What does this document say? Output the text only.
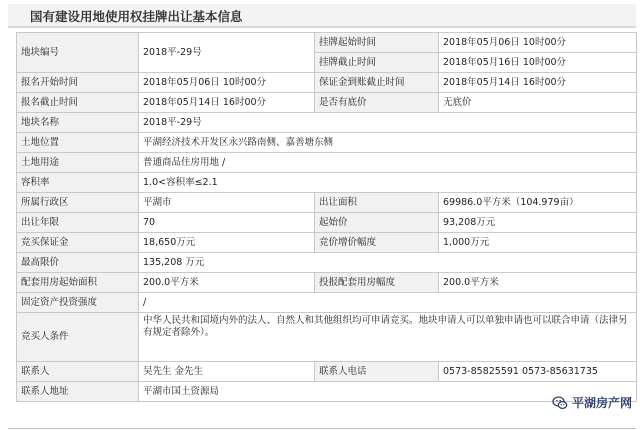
国有建设用地使用权挂牌出让基本信息
地块编号	2018平-29号	挂牌起始时间	2018年05月06日 10时00分
		挂牌截止时间	2018年05月16日 10时00分
报名开始时间	2018年05月06日 10时00分	保证金到账截止时间	2018年05月14日 16时00分
报名截止时间	2018年05月14日 16时00分	是否有底价	无底价
地块名称	2018平-29号		
土地位置	平湖经济技术开发区永兴路南侧、嘉善塘东侧		
土地用途	普通商品住房用地 /		
容积率	1.0<容积率≤2.1		
所属行政区	平湖市	出让面积	69986.0平方米（104.979亩）
出让年限	70	起始价	93,208万元
竞买保证金	18,650万元	竞价增价幅度	1,000万元
最高限价	135,208 万元		
配套用房起始面积	200.0平方米	投报配套用房幅度	200.0平方米
固定资产投资强度	/		
竞买人条件	中华人民共和国境内外的法人、自然人和其他组织均可申请竞买。地块申请人可以单独申请也可以联合申请（法律另有规定者除外）。		
联系人	吴先生 金先生	联系人电话	0573-85825591 0573-85631735
联系人地址	平湖市国土资源局		
平湖房产网
